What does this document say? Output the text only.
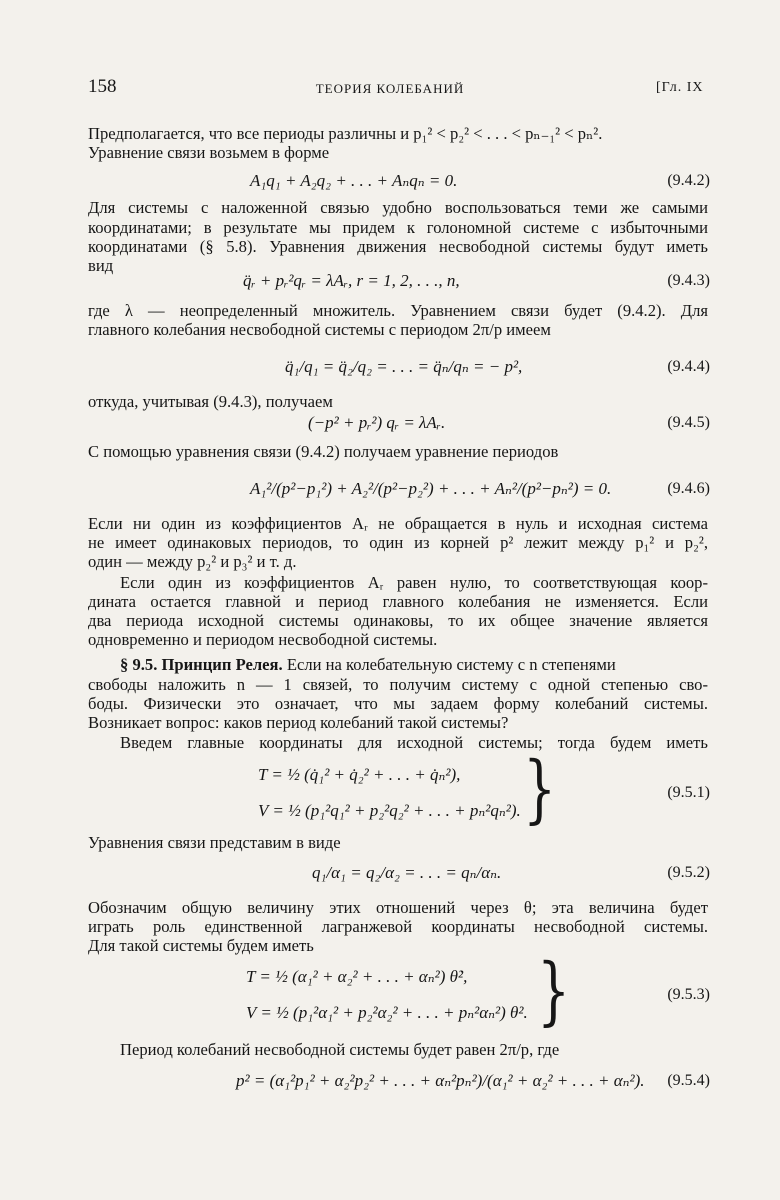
158	ТЕОРИЯ КОЛЕБАНИЙ	[Гл. IX
Предполагается, что все периоды различны и p₁² < p₂² < . . . < pₙ₋₁² < pₙ².
Уравнение связи возьмем в форме
A₁q₁ + A₂q₂ + . . . + Aₙqₙ = 0.	(9.4.2)
Для системы с наложенной связью удобно воспользоваться теми же самыми
координатами; в результате мы придем к голономной системе с избыточными
координатами (§ 5.8). Уравнения движения несвободной системы будут иметь
вид
q̈ᵣ + pᵣ²qᵣ = λAᵣ, r = 1, 2, . . ., n,	(9.4.3)
где λ — неопределенный множитель. Уравнением связи будет (9.4.2). Для
главного колебания несвободной системы с периодом 2π/p имеем
q̈₁/q₁ = q̈₂/q₂ = . . . = q̈ₙ/qₙ = − p²,	(9.4.4)
откуда, учитывая (9.4.3), получаем
(−p² + pᵣ²) qᵣ = λAᵣ.	(9.4.5)
С помощью уравнения связи (9.4.2) получаем уравнение периодов
A₁²/(p²−p₁²) + A₂²/(p²−p₂²) + . . . + Aₙ²/(p²−pₙ²) = 0.	(9.4.6)
Если ни один из коэффициентов Aᵣ не обращается в нуль и исходная система
не имеет одинаковых периодов, то один из корней p² лежит между p₁² и p₂²,
один — между p₂² и p₃² и т. д.
Если один из коэффициентов Aᵣ равен нулю, то соответствующая коор-
дината остается главной и период главного колебания не изменяется. Если
два периода исходной системы одинаковы, то их общее значение является
одновременно и периодом несвободной системы.
§ 9.5. Принцип Релея. Если на колебательную систему с n степенями
свободы наложить n — 1 связей, то получим систему с одной степенью сво-
боды. Физически это означает, что мы задаем форму колебаний системы.
Возникает вопрос: каков период колебаний такой системы?
Введем главные координаты для исходной системы; тогда будем иметь
T = ½ (q̇₁² + q̇₂² + . . . + q̇ₙ²),
V = ½ (p₁²q₁² + p₂²q₂² + . . . + pₙ²qₙ²). }	(9.5.1)
Уравнения связи представим в виде
q₁/α₁ = q₂/α₂ = . . . = qₙ/αₙ.	(9.5.2)
Обозначим общую величину этих отношений через θ; эта величина будет
играть роль единственной лагранжевой координаты несвободной системы.
Для такой системы будем иметь
T = ½ (α₁² + α₂² + . . . + αₙ²) θ̇²,
V = ½ (p₁²α₁² + p₂²α₂² + . . . + pₙ²αₙ²) θ². }	(9.5.3)
Период колебаний несвободной системы будет равен 2π/p, где
p² = (α₁²p₁² + α₂²p₂² + . . . + αₙ²pₙ²)/(α₁² + α₂² + . . . + αₙ²).	(9.5.4)
